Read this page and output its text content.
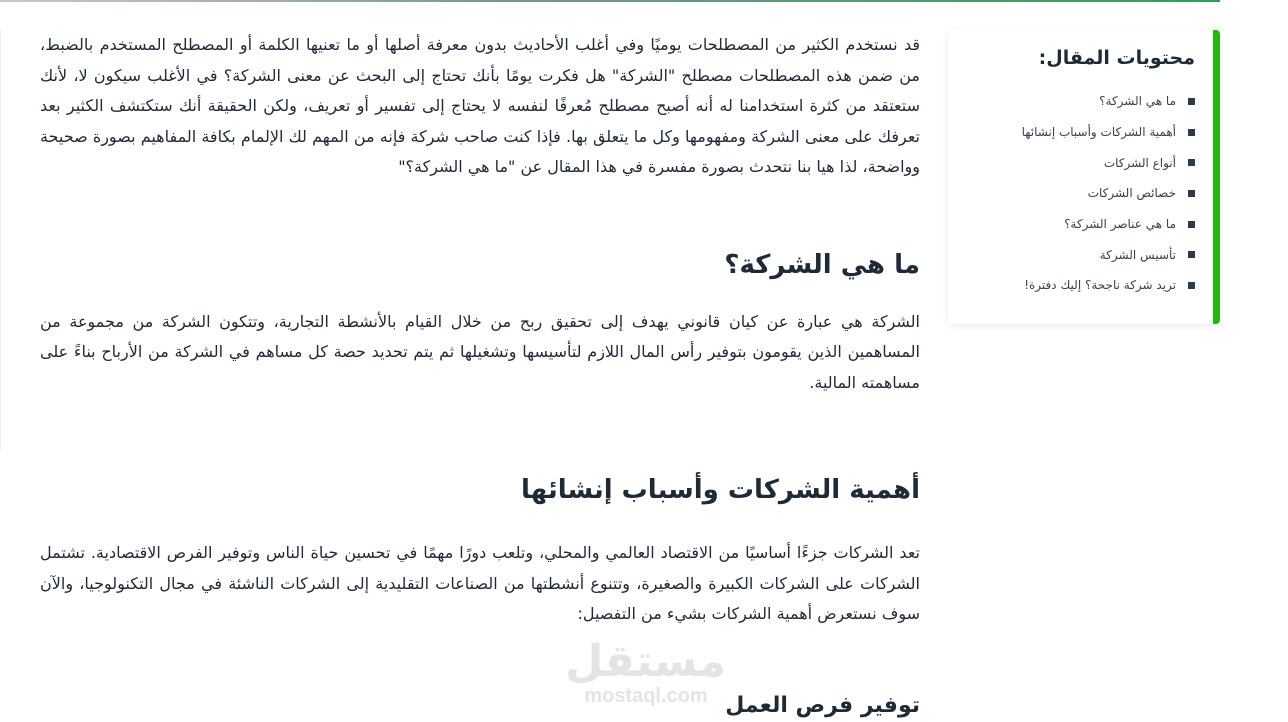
محتويات المقال:
ما هي الشركة؟
أهمية الشركات وأسباب إنشائها
أنواع الشركات
خصائص الشركات
ما هي عناصر الشركة؟
تأسيس الشركة
تريد شركة ناجحة؟ إليك دفترة!

قد نستخدم الكثير من المصطلحات يوميًا وفي أغلب الأحاديث بدون معرفة أصلها أو ما تعنيها الكلمة أو المصطلح المستخدم بالضبط، من ضمن هذه المصطلحات مصطلح "الشركة" هل فكرت يومًا بأنك تحتاج إلى البحث عن معنى الشركة؟ في الأغلب سيكون لا، لأنك ستعتقد من كثرة استخدامنا له أنه أصبح مصطلح مُعرفًا لنفسه لا يحتاج إلى تفسير أو تعريف، ولكن الحقيقة أنك ستكتشف الكثير بعد تعرفك على معنى الشركة ومفهومها وكل ما يتعلق بها. فإذا كنت صاحب شركة فإنه من المهم لك الإلمام بكافة المفاهيم بصورة صحيحة وواضحة، لذا هيا بنا نتحدث بصورة مفسرة في هذا المقال عن "ما هي الشركة؟"

ما هي الشركة؟

الشركة هي عبارة عن كيان قانوني يهدف إلى تحقيق ربح من خلال القيام بالأنشطة التجارية، وتتكون الشركة من مجموعة من المساهمين الذين يقومون بتوفير رأس المال اللازم لتأسيسها وتشغيلها ثم يتم تحديد حصة كل مساهم في الشركة من الأرباح بناءً على مساهمته المالية.

أهمية الشركات وأسباب إنشائها

تعد الشركات جزءًا أساسيًا من الاقتصاد العالمي والمحلي، وتلعب دورًا مهمًا في تحسين حياة الناس وتوفير الفرص الاقتصادية. تشتمل الشركات على الشركات الكبيرة والصغيرة، وتتنوع أنشطتها من الصناعات التقليدية إلى الشركات الناشئة في مجال التكنولوجيا، والآن سوف نستعرض أهمية الشركات بشيء من التفصيل:

توفير فرص العمل
مستقل
mostaql.com
